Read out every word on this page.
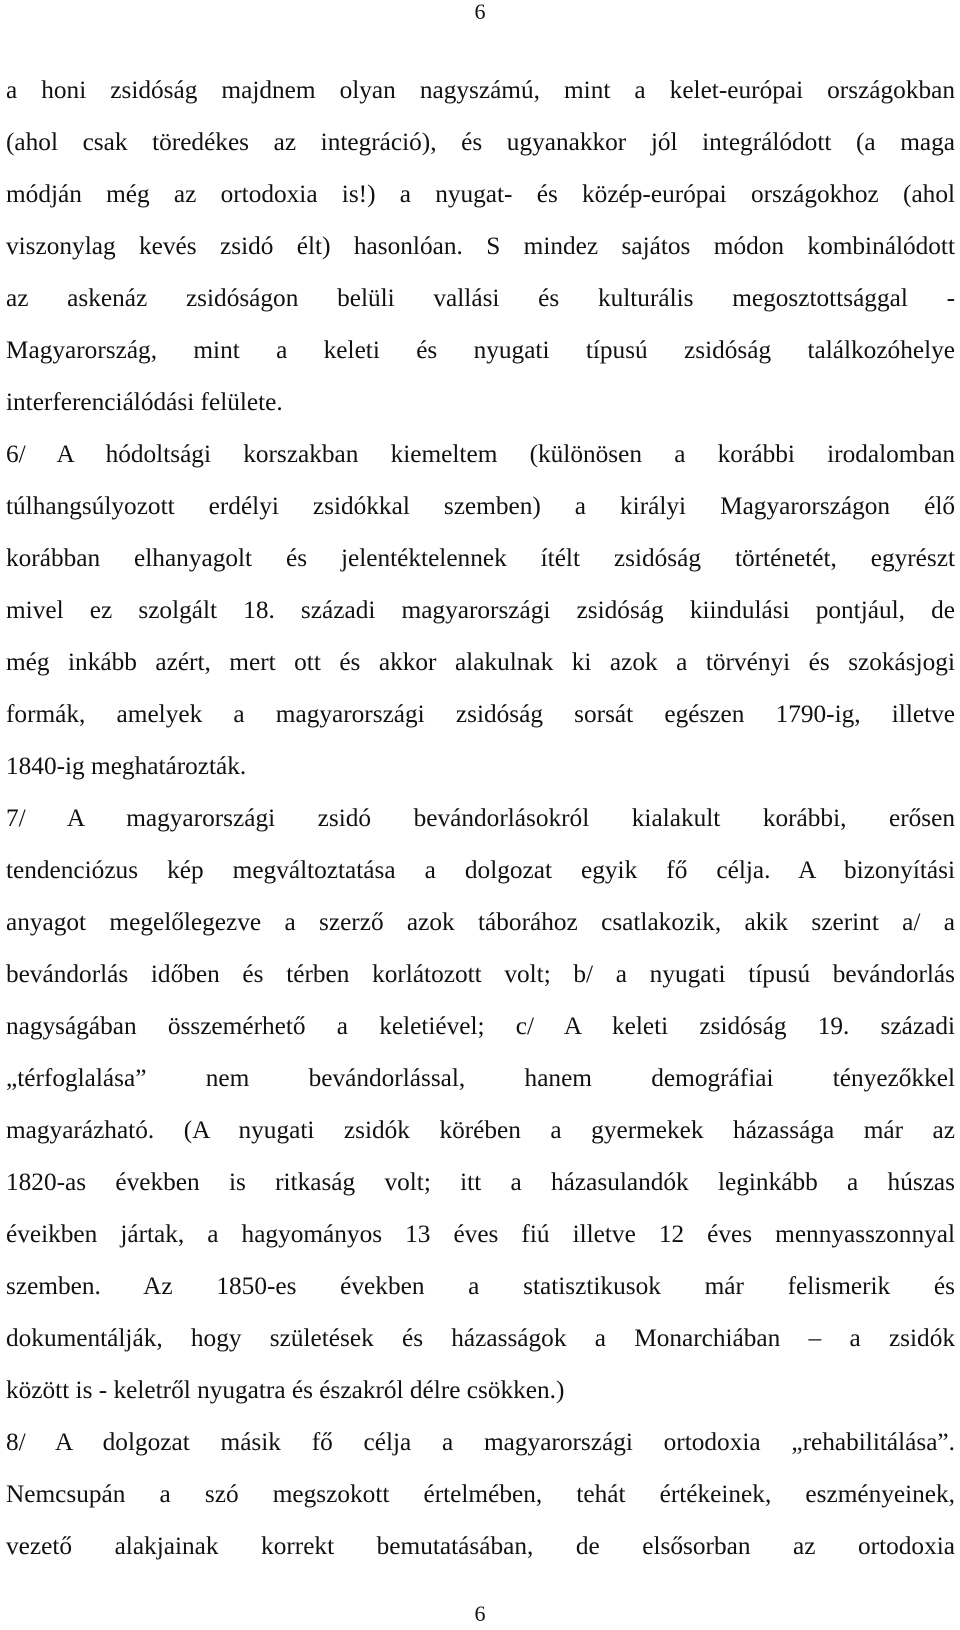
6
a honi zsidóság majdnem olyan nagyszámú, mint a kelet-európai országokban
(ahol csak töredékes az integráció), és ugyanakkor jól integrálódott (a maga
módján még az ortodoxia is!) a nyugat- és közép-európai országokhoz (ahol
viszonylag kevés zsidó élt) hasonlóan. S mindez sajátos módon kombinálódott
az askenáz zsidóságon belüli vallási és kulturális megosztottsággal -
Magyarország, mint a keleti és nyugati típusú zsidóság találkozóhelye
interferenciálódási felülete.
6/ A hódoltsági korszakban kiemeltem (különösen a korábbi irodalomban
túlhangsúlyozott erdélyi zsidókkal szemben) a királyi Magyarországon élő
korábban elhanyagolt és jelentéktelennek ítélt zsidóság történetét, egyrészt
mivel ez szolgált 18. századi magyarországi zsidóság kiindulási pontjául, de
még inkább azért, mert ott és akkor alakulnak ki azok a törvényi és szokásjogi
formák, amelyek a magyarországi zsidóság sorsát egészen 1790-ig, illetve
1840-ig meghatározták.
7/ A magyarországi zsidó bevándorlásokról kialakult korábbi, erősen
tendenciózus kép megváltoztatása a dolgozat egyik fő célja. A bizonyítási
anyagot megelőlegezve a szerző azok táborához csatlakozik, akik szerint a/ a
bevándorlás időben és térben korlátozott volt; b/ a nyugati típusú bevándorlás
nagyságában összemérhető a keletiével; c/ A keleti zsidóság 19. századi
„térfoglalása” nem bevándorlással, hanem demográfiai tényezőkkel
magyarázható. (A nyugati zsidók körében a gyermekek házassága már az
1820-as években is ritkaság volt; itt a házasulandók leginkább a húszas
éveikben jártak, a hagyományos 13 éves fiú illetve 12 éves mennyasszonnyal
szemben. Az 1850-es években a statisztikusok már felismerik és
dokumentálják, hogy születések és házasságok a Monarchiában – a zsidók
között is - keletről nyugatra és északról délre csökken.)
8/ A dolgozat másik fő célja a magyarországi ortodoxia „rehabilitálása”.
Nemcsupán a szó megszokott értelmében, tehát értékeinek, eszményeinek,
vezető alakjainak korrekt bemutatásában, de elsősorban az ortodoxia
6
